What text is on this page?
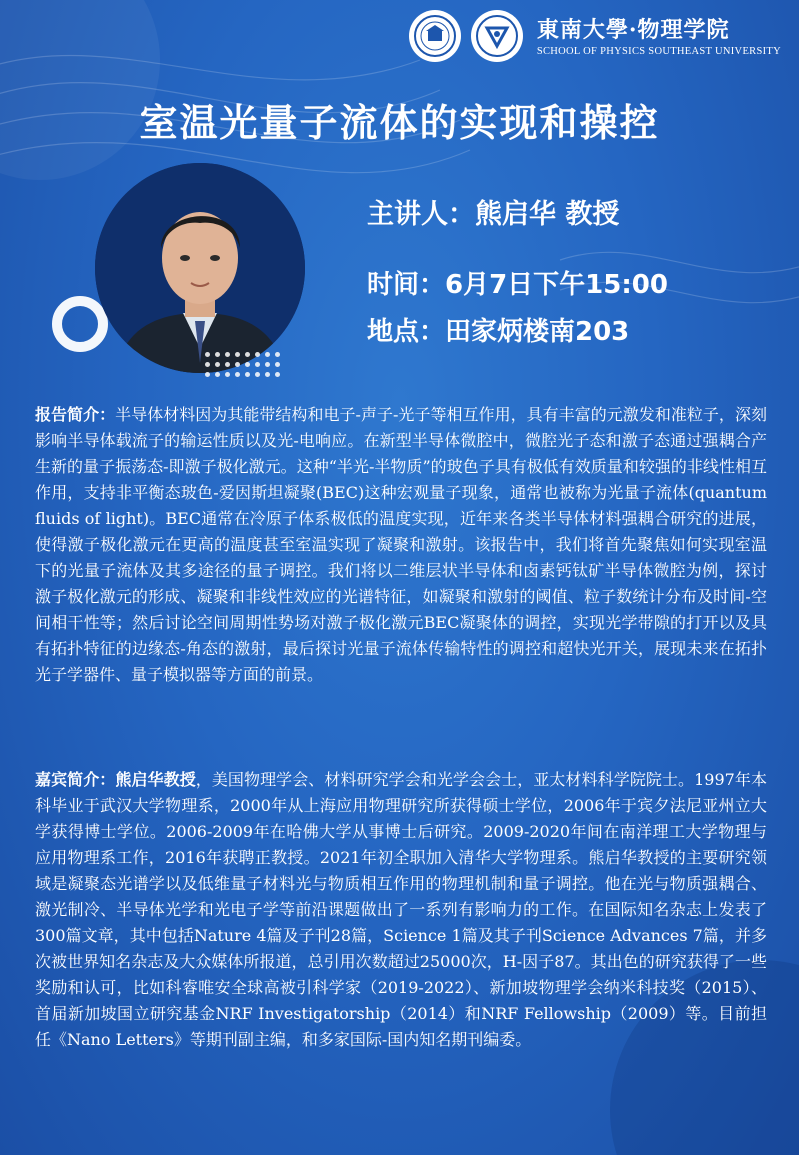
東南大學·物理学院
SCHOOL OF PHYSICS SOUTHEAST UNIVERSITY
室温光量子流体的实现和操控

主讲人：熊启华 教授

时间：6月7日下午15:00

地点：田家炳楼南203

报告简介：半导体材料因为其能带结构和电子-声子-光子等相互作用，具有丰富的元激发和准粒子，深刻影响半导体载流子的输运性质以及光-电响应。在新型半导体微腔中，微腔光子态和激子态通过强耦合产生新的量子振荡态-即激子极化激元。这种“半光-半物质”的玻色子具有极低有效质量和较强的非线性相互作用，支持非平衡态玻色-爱因斯坦凝聚(BEC)这种宏观量子现象，通常也被称为光量子流体(quantum fluids of light)。BEC通常在冷原子体系极低的温度实现，近年来各类半导体材料强耦合研究的进展，使得激子极化激元在更高的温度甚至室温实现了凝聚和激射。该报告中，我们将首先聚焦如何实现室温下的光量子流体及其多途径的量子调控。我们将以二维层状半导体和卤素钙钛矿半导体微腔为例，探讨激子极化激元的形成、凝聚和非线性效应的光谱特征，如凝聚和激射的阈值、粒子数统计分布及时间-空间相干性等；然后讨论空间周期性势场对激子极化激元BEC凝聚体的调控，实现光学带隙的打开以及具有拓扑特征的边缘态-角态的激射，最后探讨光量子流体传输特性的调控和超快光开关，展现未来在拓扑光子学器件、量子模拟器等方面的前景。
嘉宾简介：熊启华教授，美国物理学会、材料研究学会和光学会会士，亚太材料科学院院士。1997年本科毕业于武汉大学物理系，2000年从上海应用物理研究所获得硕士学位，2006年于宾夕法尼亚州立大学获得博士学位。2006-2009年在哈佛大学从事博士后研究。2009-2020年间在南洋理工大学物理与应用物理系工作，2016年获聘正教授。2021年初全职加入清华大学物理系。熊启华教授的主要研究领域是凝聚态光谱学以及低维量子材料光与物质相互作用的物理机制和量子调控。他在光与物质强耦合、激光制冷、半导体光学和光电子学等前沿课题做出了一系列有影响力的工作。在国际知名杂志上发表了300篇文章，其中包括Nature 4篇及子刊28篇，Science 1篇及其子刊Science Advances 7篇，并多次被世界知名杂志及大众媒体所报道，总引用次数超过25000次，H-因子87。其出色的研究获得了一些奖励和认可，比如科睿唯安全球高被引科学家（2019-2022）、新加坡物理学会纳米科技奖（2015）、首届新加坡国立研究基金NRF Investigatorship（2014）和NRF Fellowship（2009）等。目前担任《Nano Letters》等期刊副主编，和多家国际-国内知名期刊编委。
